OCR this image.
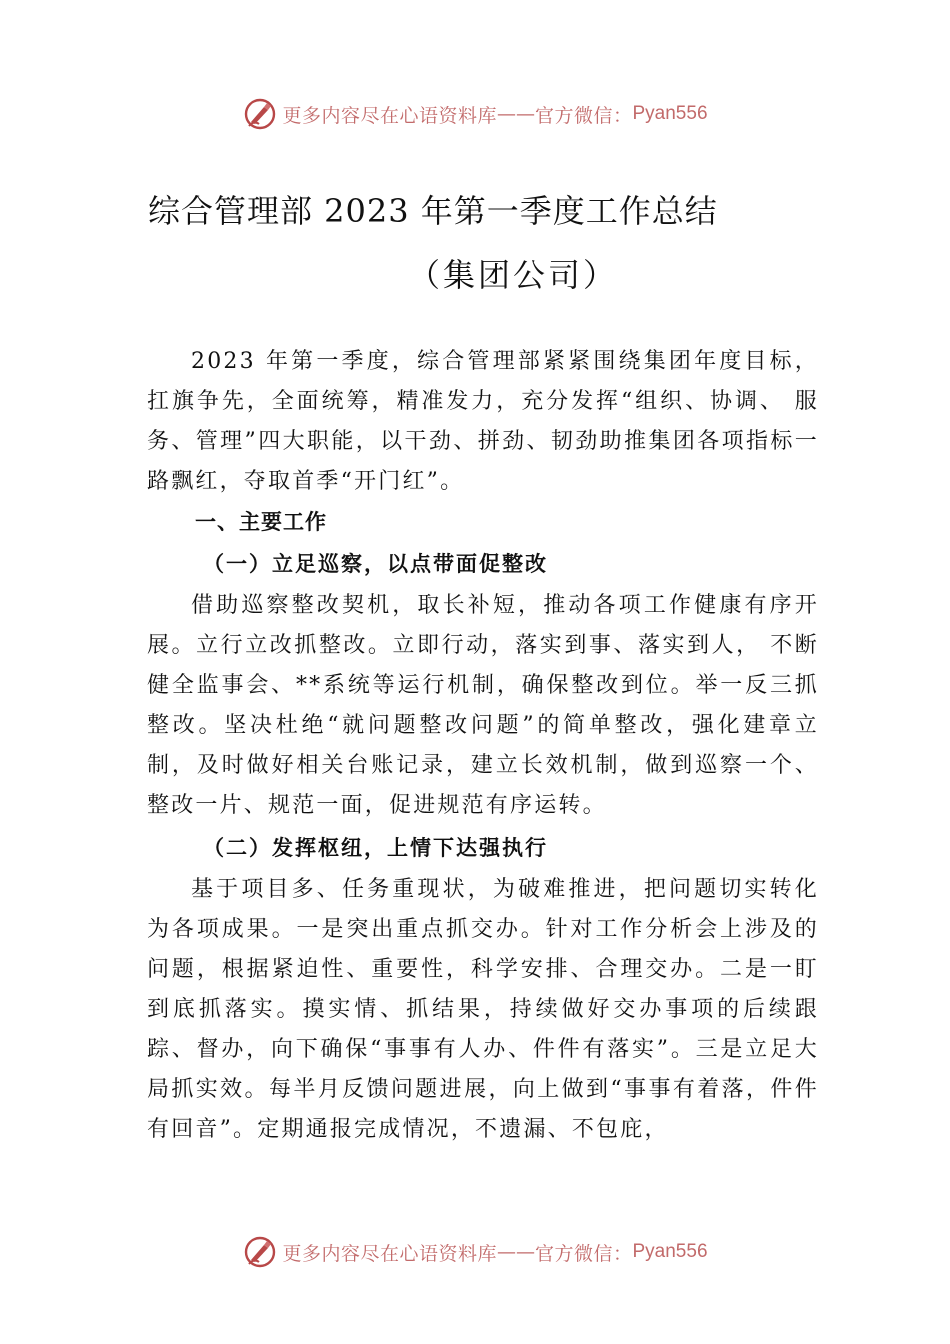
更多内容尽在心语资料库 —— 官方微信： Pyan556
综合管理部 2023 年第一季度工作总结
（集团公司）

2023 年第一季度，综合管理部紧紧围绕集团年度目标，扛旗争先，全面统筹，精准发力，充分发挥“组织、协调、 服务、管理”四大职能，以干劲、拼劲、韧劲助推集团各项指标一路飘红，夺取首季“开门红”。

一、主要工作

（一）立足巡察，以点带面促整改

借助巡察整改契机，取长补短，推动各项工作健康有序开展。立行立改抓整改。立即行动，落实到事、落实到人， 不断健全监事会、**系统等运行机制，确保整改到位。举一反三抓整改。坚决杜绝“就问题整改问题”的简单整改，强化建章立制，及时做好相关台账记录，建立长效机制，做到巡察一个、整改一片、规范一面，促进规范有序运转。

（二）发挥枢纽，上情下达强执行

基于项目多、任务重现状，为破难推进，把问题切实转化为各项成果。一是突出重点抓交办。针对工作分析会上涉及的问题，根据紧迫性、重要性，科学安排、合理交办。二是一盯到底抓落实。摸实情、抓结果，持续做好交办事项的后续跟踪、督办，向下确保“事事有人办、件件有落实”。三是立足大局抓实效。每半月反馈问题进展，向上做到“事事有着落，件件有回音”。定期通报完成情况，不遗漏、不包庇，

更多内容尽在心语资料库 —— 官方微信： Pyan556
